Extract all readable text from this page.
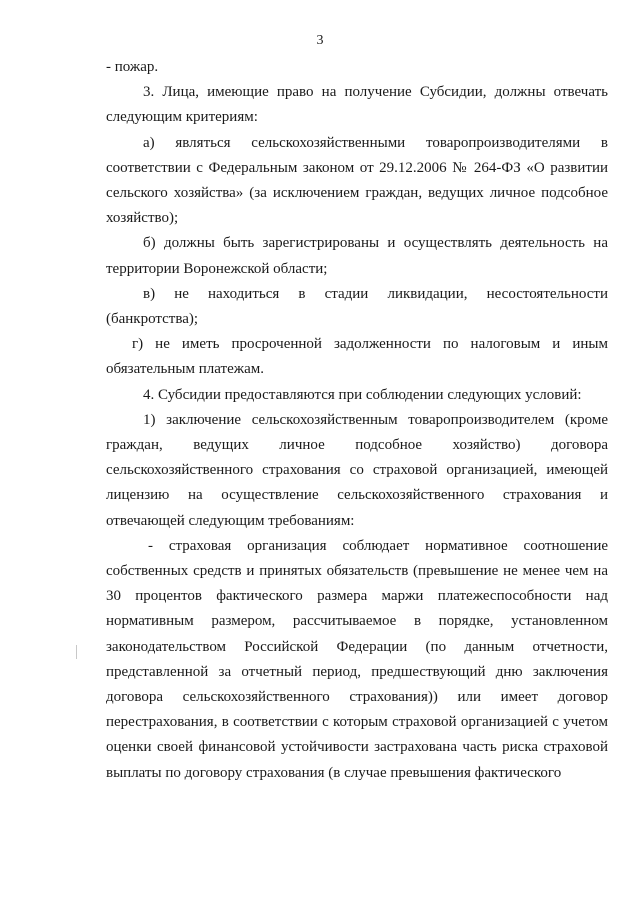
3

- пожар.

3. Лица, имеющие право на получение Субсидии, должны отвечать следующим критериям:

а) являться сельскохозяйственными товаропроизводителями в соответствии с Федеральным законом от 29.12.2006 № 264-ФЗ «О развитии сельского хозяйства» (за исключением граждан, ведущих личное подсобное хозяйство);

б) должны быть зарегистрированы и осуществлять деятельность на территории Воронежской области;

в) не находиться в стадии ликвидации, несостоятельности (банкротства);

г) не иметь просроченной задолженности по налоговым и иным обязательным платежам.

4. Субсидии предоставляются при соблюдении следующих условий:

1) заключение сельскохозяйственным товаропроизводителем (кроме граждан, ведущих личное подсобное хозяйство) договора сельскохозяйственного страхования со страховой организацией, имеющей лицензию на осуществление сельскохозяйственного страхования и отвечающей следующим требованиям:

- страховая организация соблюдает нормативное соотношение собственных средств и принятых обязательств (превышение не менее чем на 30 процентов фактического размера маржи платежеспособности над нормативным размером, рассчитываемое в порядке, установленном законодательством Российской Федерации (по данным отчетности, представленной за отчетный период, предшествующий дню заключения договора сельскохозяйственного страхования)) или имеет договор перестрахования, в соответствии с которым страховой организацией с учетом оценки своей финансовой устойчивости застрахована часть риска страховой выплаты по договору страхования (в случае превышения фактического
